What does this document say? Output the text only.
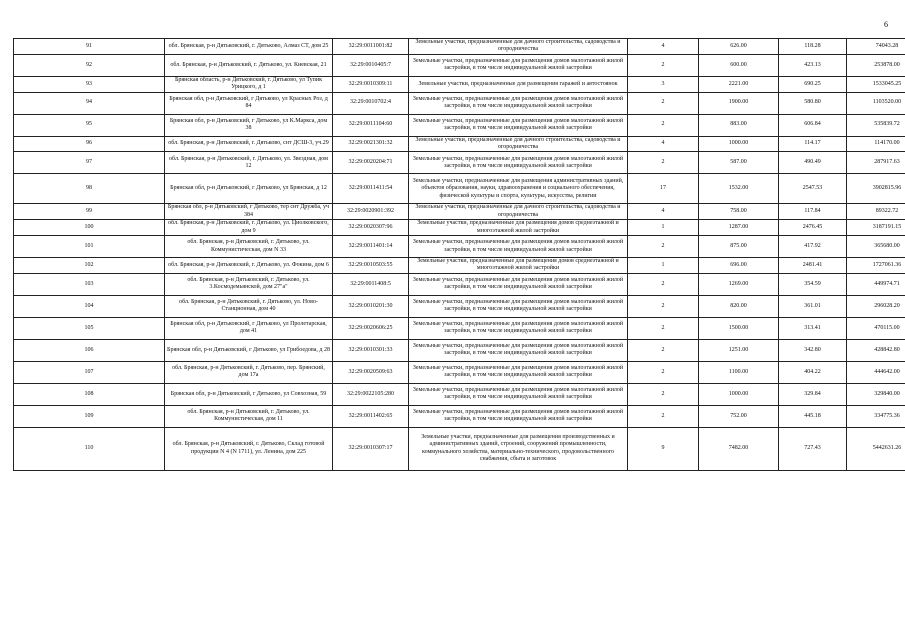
6
91	обл. Брянская, р-н Дятьковский, г. Дятьково, Алмаз СТ, дом 25	32:29:0011001:82	Земельные участки, предназначенные для дачного строительства, садоводства и огородничества	4	626.00	118.28	74043.28
92	обл. Брянская, р-н Дятьковский, г. Дятьково, ул. Киевская, 21	32:29:0010405:7	Земельные участки, предназначенные для размещения домов малоэтажной жилой застройки, в том числе индивидуальной жилой застройки	2	600.00	423.13	253878.00
93	Брянская область, р-н Дятьковский, г. Дятьково, ул Тупик Урицкого, д 1	32:29:0010309:11	Земельные участки, предназначенные для размещения гаражей и автостоянок	3	2221.00	690.25	1533045.25
94	Брянская обл, р-н Дятьковский, г Дятьково, ул Красных Роз, д 84	32:29:0010702:4	Земельные участки, предназначенные для размещения домов малоэтажной жилой застройки, в том числе индивидуальной жилой застройки	2	1900.00	580.80	1103520.00
95	Брянская обл, р-н Дятьковский, г Дятьково, ул К.Маркса, дом 38	32:29:0011104:60	Земельные участки, предназначенные для размещения домов малоэтажной жилой застройки, в том числе индивидуальной жилой застройки	2	883.00	606.84	535839.72
96	обл. Брянская, р-н Дятьковский, г. Дятьково, снт ДСШ-3, уч.29	32:29:0021301:32	Земельные участки, предназначенные для дачного строительства, садоводства и огородничества	4	1000.00	114.17	114170.00
97	обл. Брянская, р-н Дятьковский, г. Дятьково, ул. Звездная, дом 12	32:29:0020204:71	Земельные участки, предназначенные для размещения домов малоэтажной жилой застройки, в том числе индивидуальной жилой застройки	2	587.00	490.49	287917.63
98	Брянская обл, р-н Дятьковский, г Дятьково, ул Брянская, д 12	32:29:0011411:54	Земельные участки, предназначенные для размещения административных зданий, объектов образования, науки, здравоохранения и социального обеспечения, физической культуры и спорта, культуры, искусства, религии	17	1532.00	2547.53	3902815.96
99	Брянская обл, р-н Дятьковский, г Дятьково, тер снт Дружба, уч 384	32:29:0020901:392	Земельные участки, предназначенные для дачного строительства, садоводства и огородничества	4	758.00	117.84	89322.72
100	обл. Брянская, р-н Дятьковский, г. Дятьково, ул. Циолковского, дом 9	32:29:0020307:96	Земельные участки, предназначенные для размещения домов среднеэтажной и многоэтажной жилой застройки	1	1287.00	2476.45	3187191.15
101	обл. Брянская, р-н Дятьковский, г. Дятьково, ул. Коммунистическая, дом N 33	32:29:0011401:14	Земельные участки, предназначенные для размещения домов малоэтажной жилой застройки, в том числе индивидуальной жилой застройки	2	875.00	417.92	365680.00
102	обл. Брянская, р-н Дятьковский, г. Дятьково, ул. Фокина, дом 6	32:29:0010503:55	Земельные участки, предназначенные для размещения домов среднеэтажной и многоэтажной жилой застройки	1	696.00	2481.41	1727061.36
103	обл. Брянская, р-н Дятьковский, г. Дятьково, ул. 3.Космодемьянской, дом 27"а"	32:29:0011408:5	Земельные участки, предназначенные для размещения домов малоэтажной жилой застройки, в том числе индивидуальной жилой застройки	2	1269.00	354.59	449974.71
104	обл. Брянская, р-н Дятьковский, г. Дятьково, ул. Ново-Станционная, дом 40	32:29:0010201:30	Земельные участки, предназначенные для размещения домов малоэтажной жилой застройки, в том числе индивидуальной жилой застройки	2	820.00	361.01	296028.20
105	Брянская обл, р-н Дятьковский, г Дятьково, ул Пролетарская, дом 41	32:29:0020606:25	Земельные участки, предназначенные для размещения домов малоэтажной жилой застройки, в том числе индивидуальной жилой застройки	2	1500.00	313.41	470115.00
106	Брянская обл, р-н Дятьковский, г Дятьково, ул Грибоедова, д 28	32:29:0010301:33	Земельные участки, предназначенные для размещения домов малоэтажной жилой застройки, в том числе индивидуальной жилой застройки	2	1251.00	342.80	428842.80
107	обл. Брянская, р-н Дятьковский, г. Дятьково, пер. Брянский, дом 17а	32:29:0020509:63	Земельные участки, предназначенные для размещения домов малоэтажной жилой застройки, в том числе индивидуальной жилой застройки	2	1100.00	404.22	444642.00
108	Брянская обл, р-н Дятьковский, г Дятьково, ул Совхозная, 59	32:29:0022105:280	Земельные участки, предназначенные для размещения домов малоэтажной жилой застройки, в том числе индивидуальной жилой застройки	2	1000.00	329.84	329840.00
109	обл. Брянская, р-н Дятьковский, г. Дятьково, ул. Коммунистическая, дом 11	32:29:0011402:65	Земельные участки, предназначенные для размещения домов малоэтажной жилой застройки, в том числе индивидуальной жилой застройки	2	752.00	445.18	334775.36
110	обл. Брянская, р-н Дятьковский, г. Дятьково, Склад готовой продукции N 4 (N 1711), ул. Ленина, дом 225	32:29:0010307:17	Земельные участки, предназначенные для размещения производственных и административных зданий, строений, сооружений промышленности, коммунального хозяйства, материально-технического, продовольственного снабжения, сбыта и заготовок	9	7482.00	727.43	5442631.26
